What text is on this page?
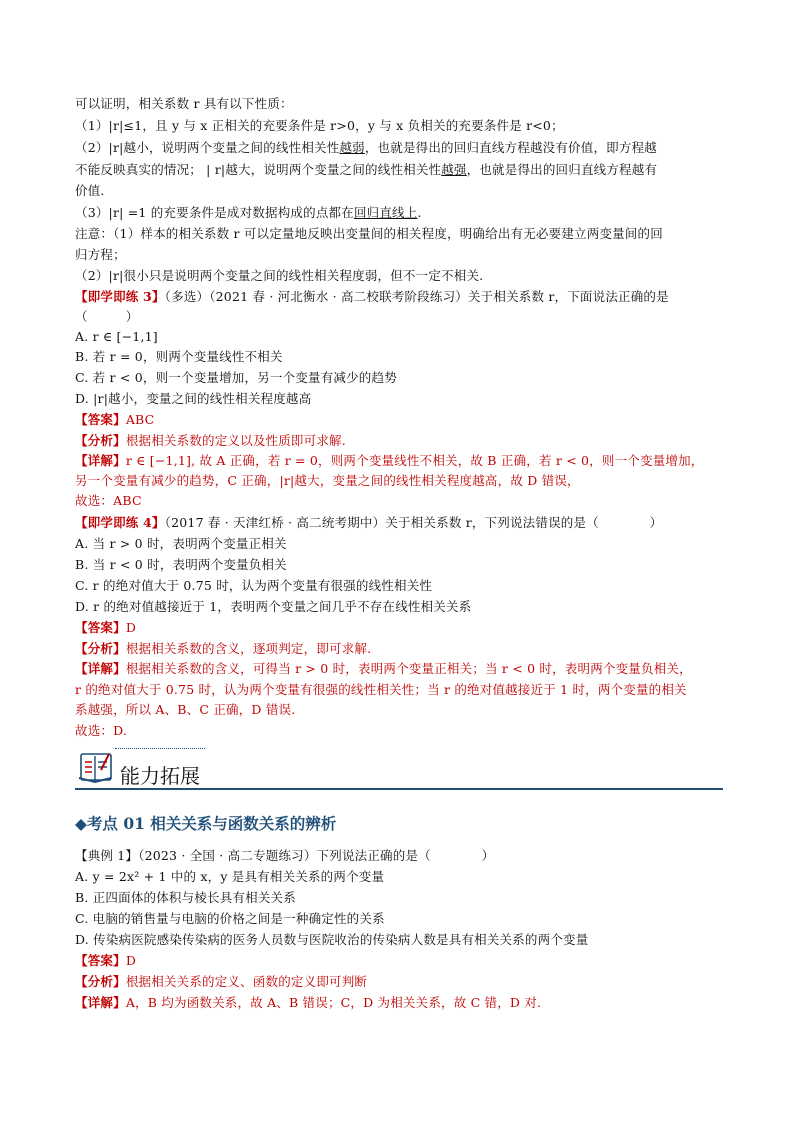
可以证明，相关系数 r 具有以下性质：
（1）|r|≤1，且 y 与 x 正相关的充要条件是 r>0，y 与 x 负相关的充要条件是 r<0；
（2）|r|越小，说明两个变量之间的线性相关性越弱，也就是得出的回归直线方程越没有价值，即方程越
不能反映真实的情况； | r|越大，说明两个变量之间的线性相关性越强，也就是得出的回归直线方程越有
价值.
（3）|r| =1 的充要条件是成对数据构成的点都在回归直线上.
注意：（1）样本的相关系数 r 可以定量地反映出变量间的相关程度，明确给出有无必要建立两变量间的回
归方程；
（2）|r|很小只是说明两个变量之间的线性相关程度弱，但不一定不相关.
【即学即练 3】（多选）（2021 春 · 河北衡水 · 高二校联考阶段练习）关于相关系数 r，下面说法正确的是
（　　　）
A. r ∈ [−1,1]
B. 若 r = 0，则两个变量线性不相关
C. 若 r < 0，则一个变量增加，另一个变量有减少的趋势
D. |r|越小，变量之间的线性相关程度越高
【答案】ABC
【分析】根据相关系数的定义以及性质即可求解.
【详解】r ∈ [−1,1], 故 A 正确，若 r = 0，则两个变量线性不相关，故 B 正确，若 r < 0，则一个变量增加，
另一个变量有减少的趋势，C 正确，|r|越大，变量之间的线性相关程度越高，故 D 错误，
故选：ABC
【即学即练 4】（2017 春 · 天津红桥 · 高二统考期中）关于相关系数 r，下列说法错误的是（　　　　）
A. 当 r > 0 时，表明两个变量正相关
B. 当 r < 0 时，表明两个变量负相关
C. r 的绝对值大于 0.75 时，认为两个变量有很强的线性相关性
D. r 的绝对值越接近于 1，表明两个变量之间几乎不存在线性相关关系
【答案】D
【分析】根据相关系数的含义，逐项判定，即可求解.
【详解】根据相关系数的含义，可得当 r > 0 时，表明两个变量正相关；当 r < 0 时，表明两个变量负相关，
r 的绝对值大于 0.75 时，认为两个变量有很强的线性相关性；当 r 的绝对值越接近于 1 时，两个变量的相关
系越强，所以 A、B、C 正确，D 错误.
故选：D.
能力拓展
◆考点 01 相关关系与函数关系的辨析
【典例 1】（2023 · 全国 · 高二专题练习）下列说法正确的是（　　　　）
A. y = 2x² + 1 中的 x，y 是具有相关关系的两个变量
B. 正四面体的体积与棱长具有相关关系
C. 电脑的销售量与电脑的价格之间是一种确定性的关系
D. 传染病医院感染传染病的医务人员数与医院收治的传染病人数是具有相关关系的两个变量
【答案】D
【分析】根据相关关系的定义、函数的定义即可判断
【详解】A，B 均为函数关系，故 A、B 错误；C，D 为相关关系，故 C 错，D 对.
